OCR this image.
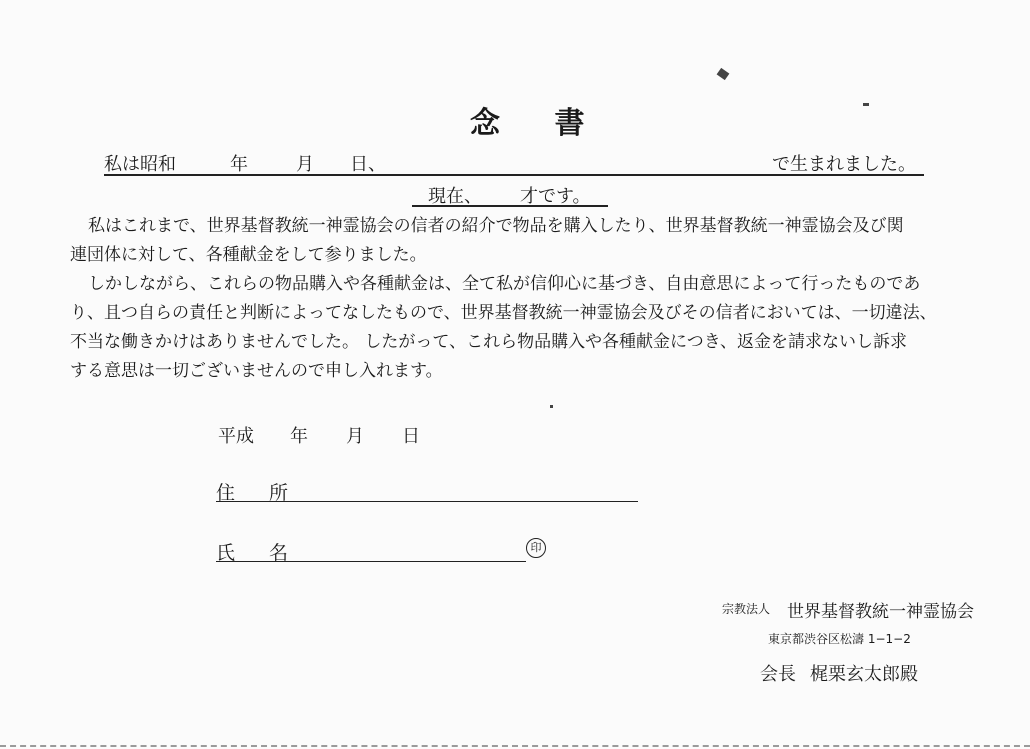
念 書
私は昭和	年	月 日、	で生まれました。
現在、 才です。
私はこれまで、世界基督教統一神霊協会の信者の紹介で物品を購入したり、世界基督教統一神霊協会及び関
連団体に対して、各種献金をして参りました。
しかしながら、これらの物品購入や各種献金は、全て私が信仰心に基づき、自由意思によって行ったものであ
り、且つ自らの責任と判断によってなしたもので、世界基督教統一神霊協会及びその信者においては、一切違法、
不当な働きかけはありませんでした。 したがって、これら物品購入や各種献金につき、返金を請求ないし訴求
する意思は一切ございませんので申し入れます。
平成 年 月 日
住 所
氏 名	印
宗教法人 世界基督教統一神霊協会
東京都渋谷区松濤 1−1−2
会長 梶栗玄太郎殿
